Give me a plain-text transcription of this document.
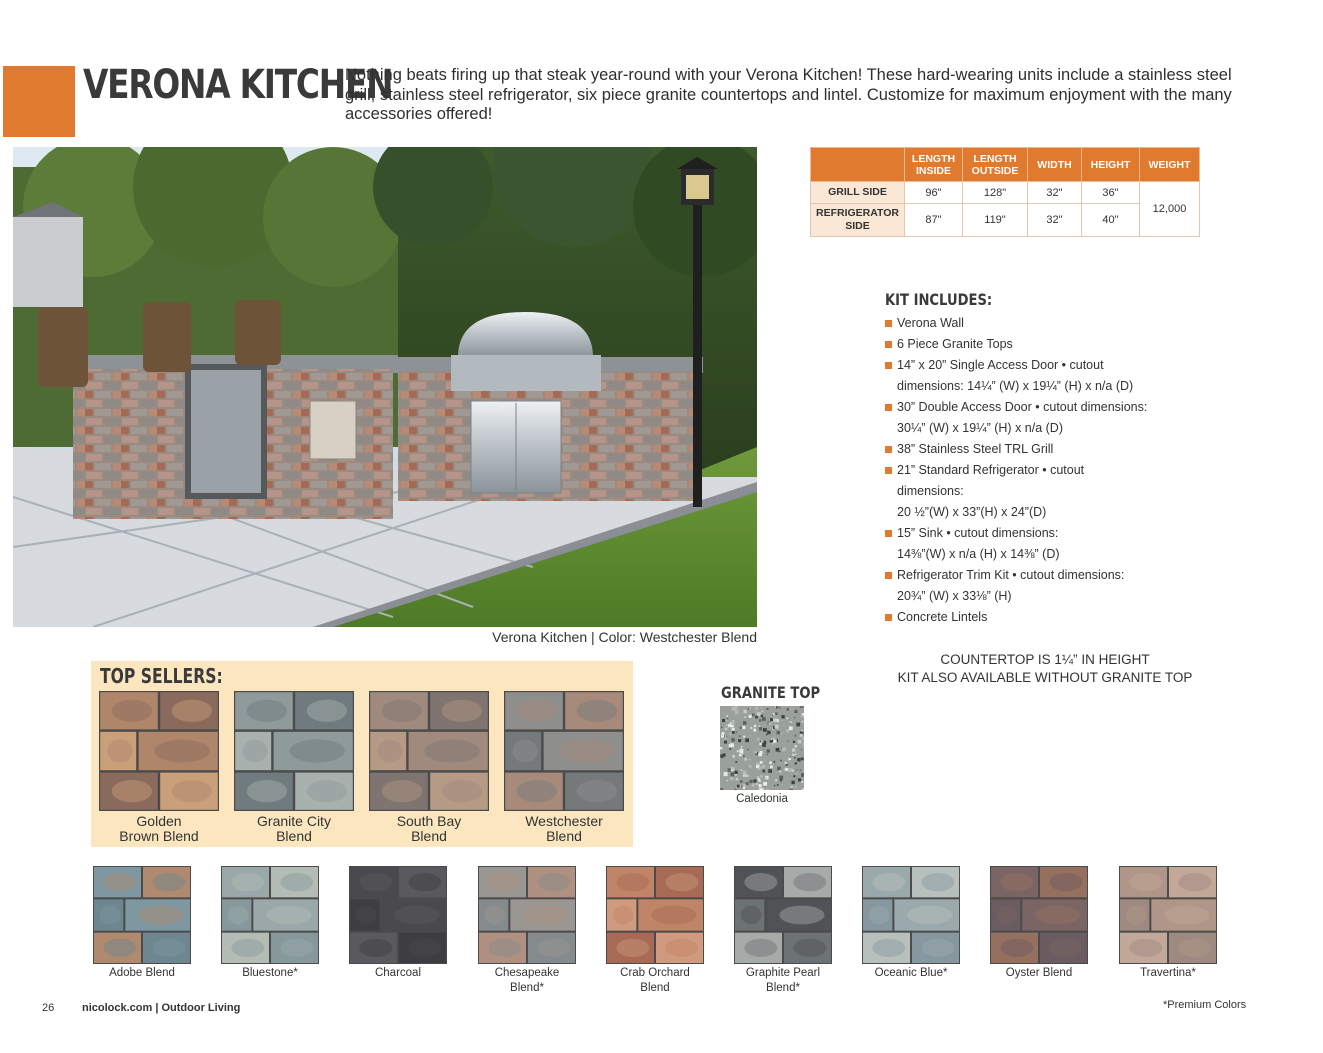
VERONA KITCHEN

Nothing beats firing up that steak year-round with your Verona Kitchen! These hard-wearing units include a stainless steel grill, stainless steel refrigerator, six piece granite countertops and lintel. Customize for maximum enjoyment with the many accessories offered!

Verona Kitchen | Color: Westchester Blend
	LENGTH INSIDE	LENGTH OUTSIDE	WIDTH	HEIGHT	WEIGHT
GRILL SIDE	96"	128"	32"	36"	12,000
REFRIGERATOR SIDE	87"	119"	32"	40"	
KIT INCLUDES:
Verona Wall
6 Piece Granite Tops
14” x 20” Single Access Door • cutout
dimensions: 14¼” (W) x 19¼” (H) x n/a (D)
30” Double Access Door • cutout dimensions:
30¼” (W) x 19¼” (H) x n/a (D)
38” Stainless Steel TRL Grill
21” Standard Refrigerator • cutout
dimensions:
20 ½”(W) x 33”(H) x 24”(D)
15” Sink • cutout dimensions:
14⅜”(W) x n/a (H) x 14⅜” (D)
Refrigerator Trim Kit • cutout dimensions:
20¾” (W) x 33⅛” (H)
Concrete Lintels
COUNTERTOP IS 1¼” IN HEIGHT
KIT ALSO AVAILABLE WITHOUT GRANITE TOP
TOP SELLERS:
Golden
Brown Blend
Granite City
Blend
South Bay
Blend
Westchester
Blend
GRANITE TOP
Caledonia
Adobe Blend	Bluestone*	Charcoal	Chesapeake
Blend*
Crab Orchard
Blend
Graphite Pearl
Blend*
Oceanic Blue*	Oyster Blend	Travertina*
26	nicolock.com | Outdoor Living	*Premium Colors
